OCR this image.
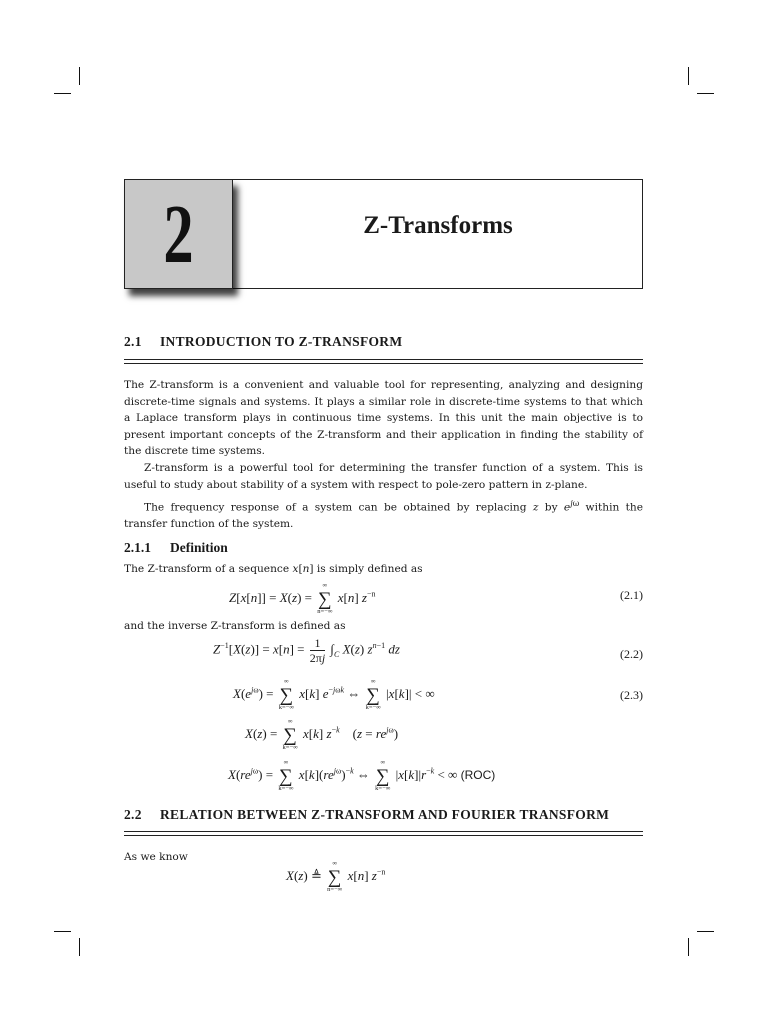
2	Z-Transforms
2.1 INTRODUCTION TO Z-TRANSFORM
The Z-transform is a convenient and valuable tool for representing, analyzing and designing discrete-time signals and systems. It plays a similar role in discrete-time systems to that which a Laplace transform plays in continuous time systems. In this unit the main objective is to present important concepts of the Z-transform and their application in finding the stability of the discrete time systems.
Z-transform is a powerful tool for determining the transfer function of a system. This is useful to study about stability of a system with respect to pole-zero pattern in z-plane.
The frequency response of a system can be obtained by replacing z by $e^{j\omega}$ within the transfer function of the system.
2.1.1 Definition
The Z-transform of a sequence x[n] is simply defined as
Z[x[n]] = X(z) =
∞
∑
n=−∞
x[n] $z^{-n}$	(2.1)
and the inverse Z-transform is defined as
$Z^{-1}[X(z)] = x[n] = \frac{1}{2\pi j} \int_C$ X(z) $z^{n-1}$ dz	(2.2)
$X(e^{j\omega})$ =
∞
∑
k=−∞
x[k] $e^{-j\omega k}$ ⇔
∞
∑
k=−∞
|x[k]| < ∞	(2.3)
X(z) =
∞
∑
k=−∞
x[k] $z^{-k}$    $(z = re^{j\omega})$
$X(re^{j\omega})$ =
∞
∑
k=−∞
$x[k](re^{j\omega})^{-k}$ ⇔
∞
∑
k=−∞
$|x[k]|r^{-k}$ < ∞ (ROC)
2.2 RELATION BETWEEN Z-TRANSFORM AND FOURIER TRANSFORM
As we know
X(z) ≜
∞
∑
n=−∞
x[n] $z^{-n}$
